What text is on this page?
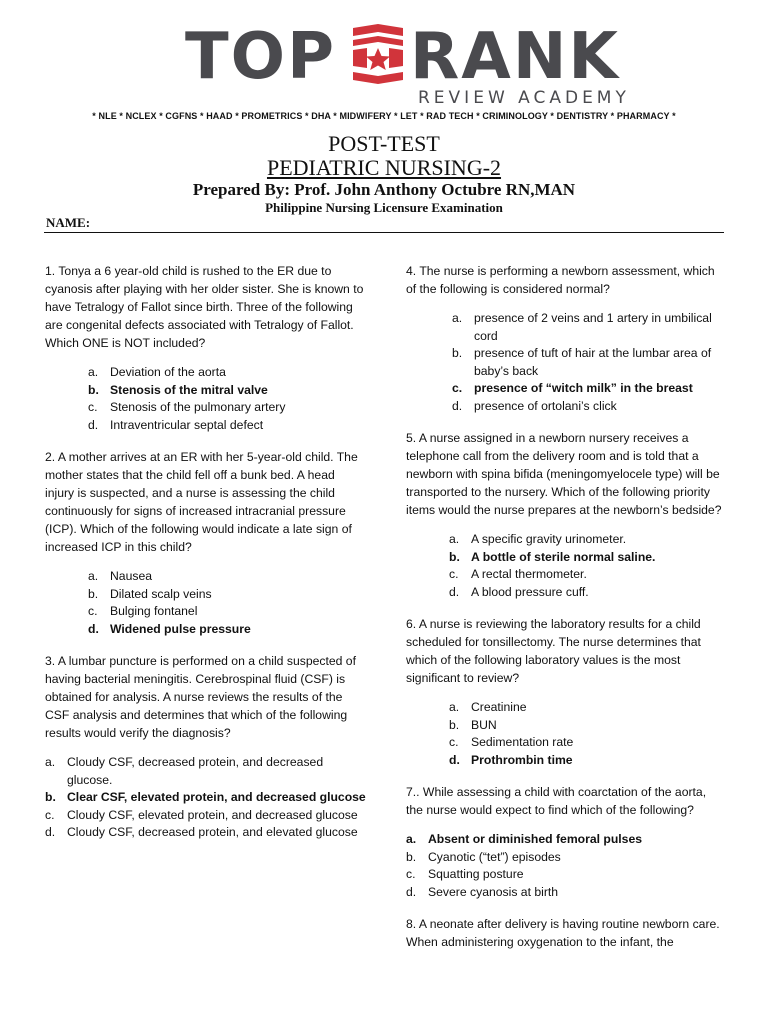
TOP RANK
REVIEW ACADEMY
* NLE * NCLEX * CGFNS * HAAD * PROMETRICS * DHA * MIDWIFERY * LET * RAD TECH * CRIMINOLOGY * DENTISTRY * PHARMACY *
POST-TEST
PEDIATRIC NURSING-2
Prepared By: Prof. John Anthony Octubre RN,MAN
Philippine Nursing Licensure Examination
NAME:

1. Tonya a 6 year-old child is rushed to the ER due to cyanosis after playing with her older sister. She is known to have Tetralogy of Fallot since birth. Three of the following are congenital defects associated with Tetralogy of Fallot. Which ONE is NOT included?

a. Deviation of the aorta
b. Stenosis of the mitral valve
c.	Stenosis of the pulmonary artery
d. Intraventricular septal defect

2. A mother arrives at an ER with her 5-year-old child. The mother states that the child fell off a bunk bed. A head injury is suspected, and a nurse is assessing the child continuously for signs of increased intracranial pressure (ICP). Which of the following would indicate a late sign of increased ICP in this child?

a. Nausea
b. Dilated scalp veins
c.	Bulging fontanel
d. Widened pulse pressure

3. A lumbar puncture is performed on a child suspected of having bacterial meningitis. Cerebrospinal fluid (CSF) is obtained for analysis. A nurse reviews the results of the CSF analysis and determines that which of the following results would verify the diagnosis?

a. Cloudy CSF, decreased protein, and decreased glucose.
b. Clear CSF, elevated protein, and decreased glucose
c.	Cloudy CSF, elevated protein, and decreased glucose
d. Cloudy CSF, decreased protein, and elevated glucose

4. The nurse is performing a newborn assessment, which of the following is considered normal?

a. presence of 2 veins and 1 artery in umbilical cord
b. presence of tuft of hair at the lumbar area of baby’s back
c. presence of “witch milk” in the breast
d. presence of ortolani’s click

5. A nurse assigned in a newborn nursery receives a telephone call from the delivery room and is told that a newborn with spina bifida (meningomyelocele type) will be transported to the nursery. Which of the following priority items would the nurse prepares at the newborn’s bedside?

a. A specific gravity urinometer.
b. A bottle of sterile normal saline.
c.	A rectal thermometer.
d. A blood pressure cuff.

6. A nurse is reviewing the laboratory results for a child scheduled for tonsillectomy. The nurse determines that which of the following laboratory values is the most significant to review?

a. Creatinine
b. BUN
c.	Sedimentation rate
d. Prothrombin time

7.. While assessing a child with coarctation of the aorta, the nurse would expect to find which of the following?

a. Absent or diminished femoral pulses
b. Cyanotic (“tet”) episodes
c.	Squatting posture
d. Severe cyanosis at birth

8. A neonate after delivery is having routine newborn care. When administering oxygenation to the infant, the
